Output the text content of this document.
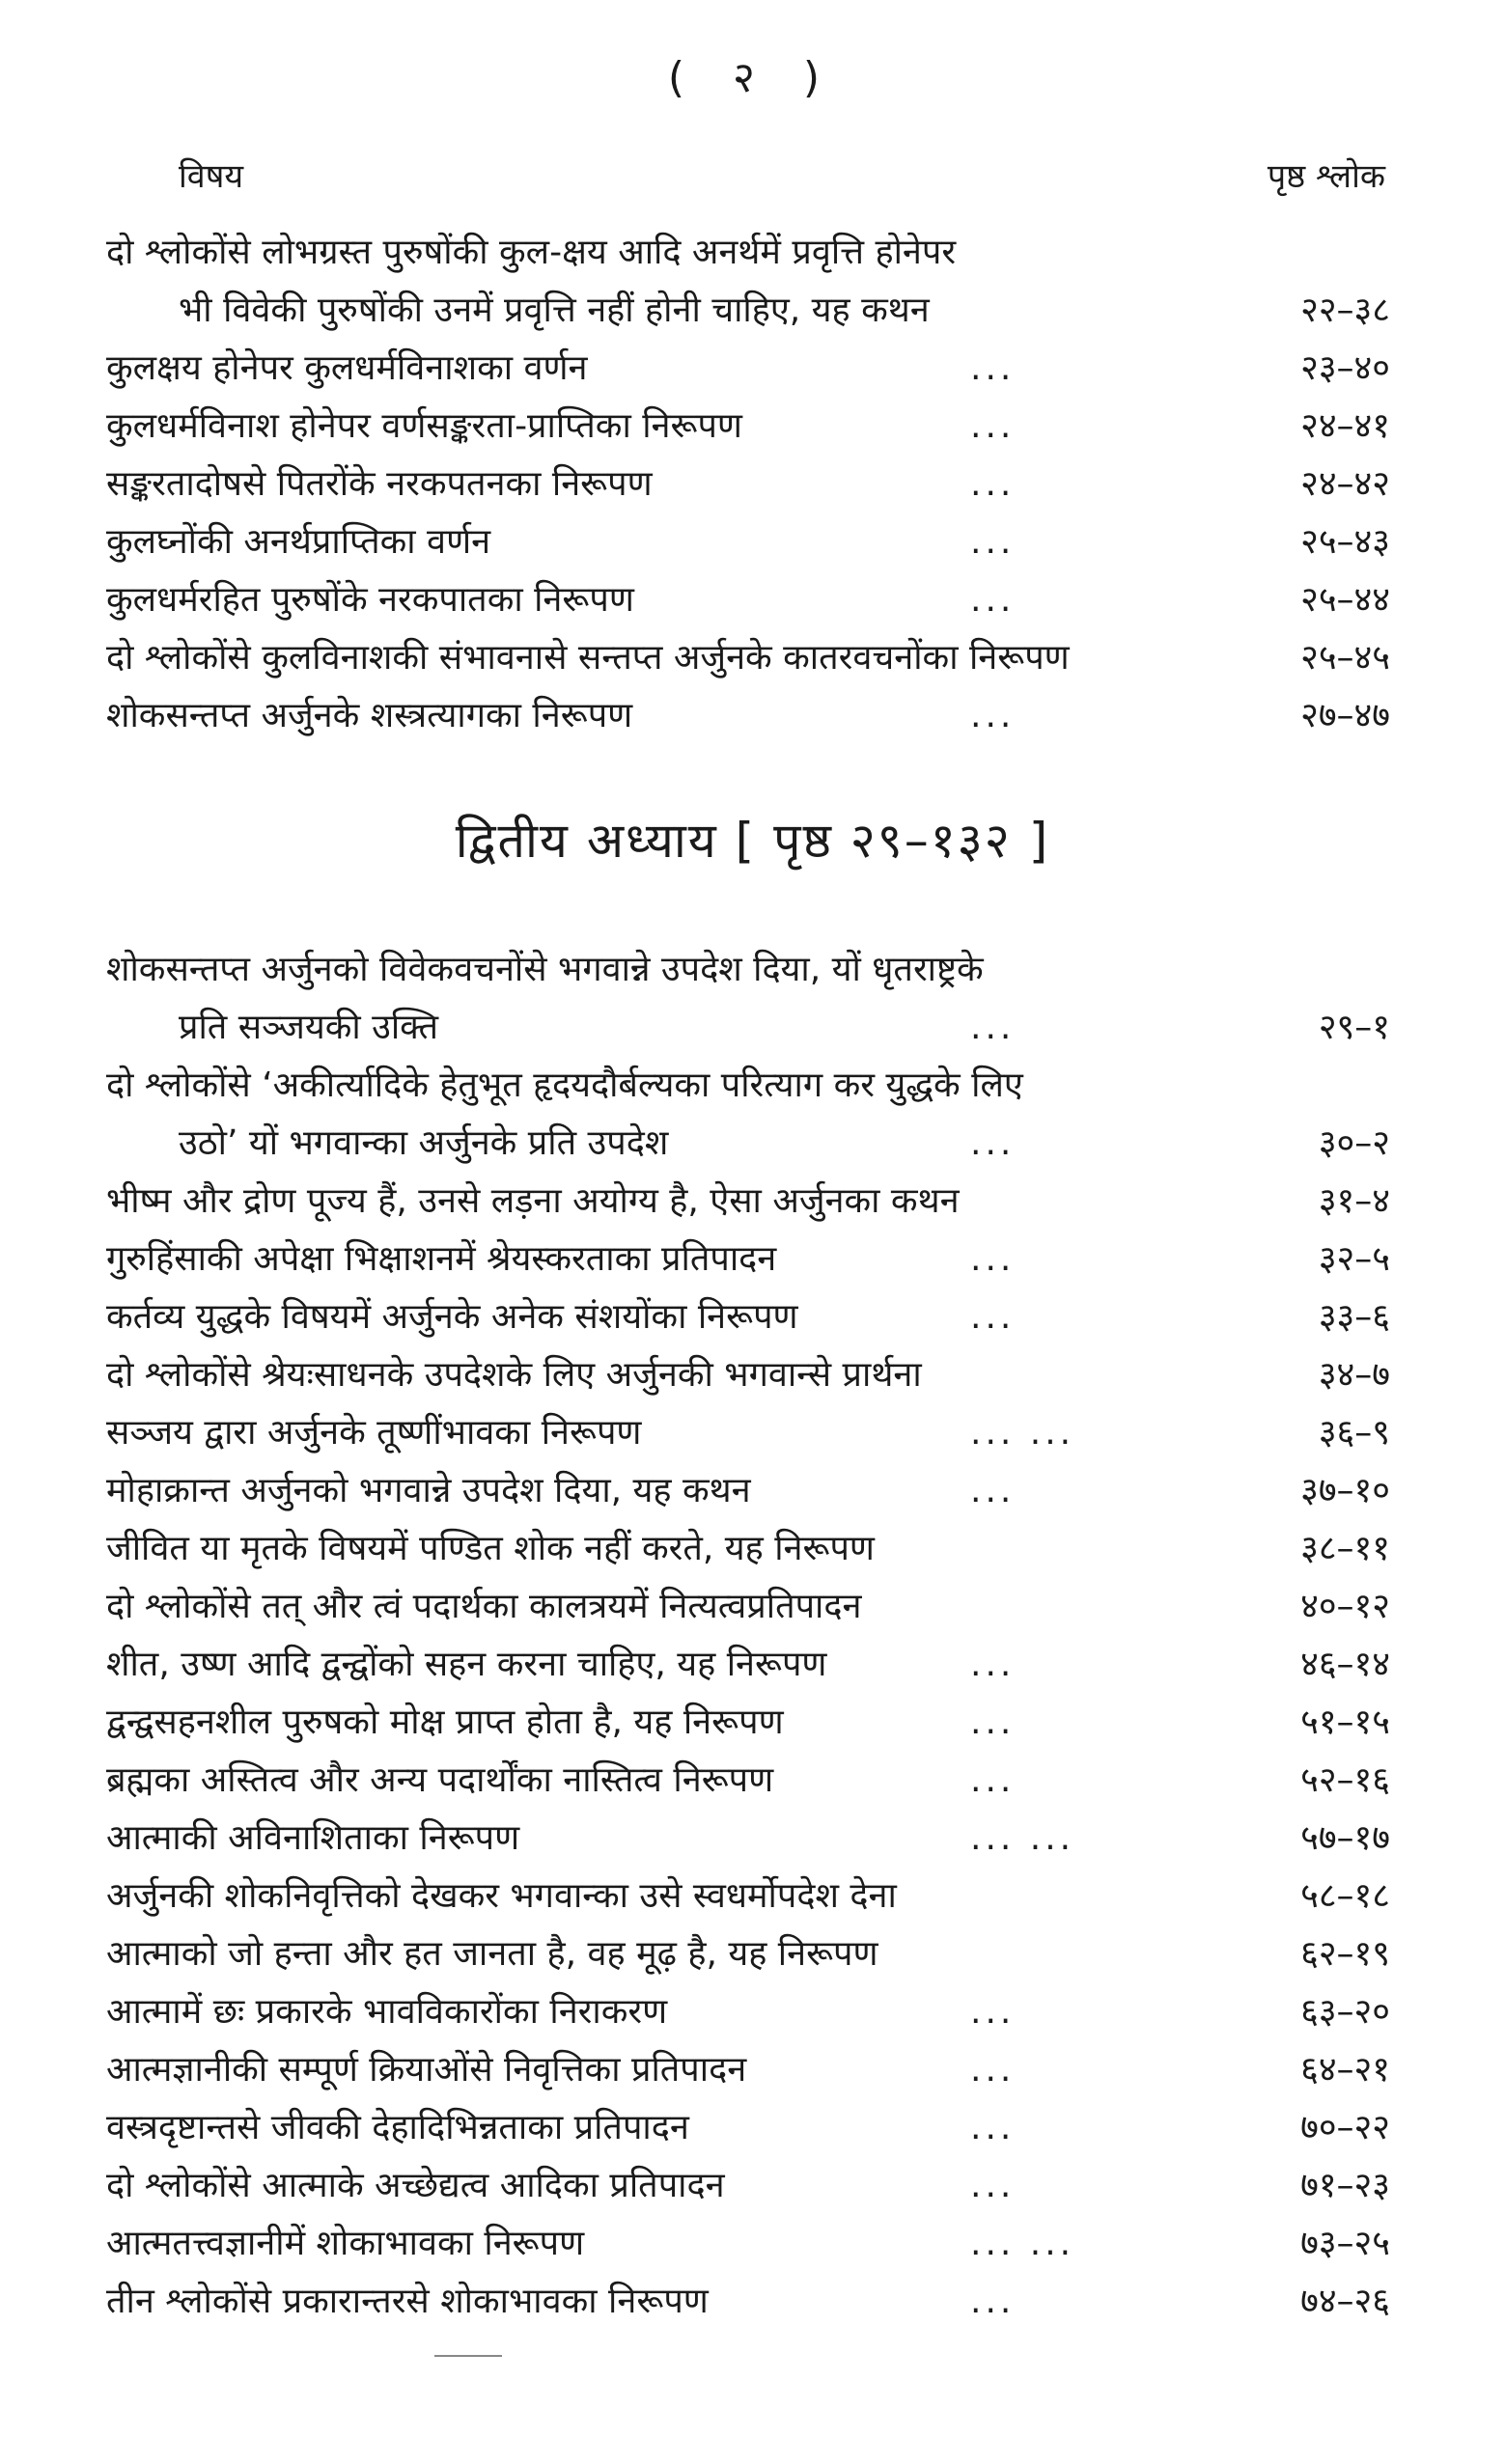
( २ )
विषय	पृष्ठ श्लोक
दो श्लोकोंसे लोभग्रस्त पुरुषोंकी कुल-क्षय आदि अनर्थमें प्रवृत्ति होनेपर
भी विवेकी पुरुषोंकी उनमें प्रवृत्ति नहीं होनी चाहिए, यह कथन	२२–३८
कुलक्षय होनेपर कुलधर्मविनाशका वर्णन	...	२३–४०
कुलधर्मविनाश होनेपर वर्णसङ्करता-प्राप्तिका निरूपण	...	२४–४१
सङ्करतादोषसे पितरोंके नरकपतनका निरूपण	...	२४–४२
कुलघ्नोंकी अनर्थप्राप्तिका वर्णन	...	२५–४३
कुलधर्मरहित पुरुषोंके नरकपातका निरूपण	...	२५–४४
दो श्लोकोंसे कुलविनाशकी संभावनासे सन्तप्त अर्जुनके कातरवचनोंका निरूपण	२५–४५
शोकसन्तप्त अर्जुनके शस्त्रत्यागका निरूपण	...	२७–४७
द्वितीय अध्याय [ पृष्ठ २९–१३२ ]
शोकसन्तप्त अर्जुनको विवेकवचनोंसे भगवान्ने उपदेश दिया, यों धृतराष्ट्रके
प्रति सञ्जयकी उक्ति	...	२९–१
दो श्लोकोंसे ‘अकीर्त्यादिके हेतुभूत हृदयदौर्बल्यका परित्याग कर युद्धके लिए
उठो’ यों भगवान्का अर्जुनके प्रति उपदेश	...	३०–२
भीष्म और द्रोण पूज्य हैं, उनसे लड़ना अयोग्य है, ऐसा अर्जुनका कथन	३१–४
गुरुहिंसाकी अपेक्षा भिक्षाशनमें श्रेयस्करताका प्रतिपादन	...	३२–५
कर्तव्य युद्धके विषयमें अर्जुनके अनेक संशयोंका निरूपण	...	३३–६
दो श्लोकोंसे श्रेयःसाधनके उपदेशके लिए अर्जुनकी भगवान्से प्रार्थना	३४–७
सञ्जय द्वारा अर्जुनके तूष्णींभावका निरूपण	... ...	३६–९
मोहाक्रान्त अर्जुनको भगवान्ने उपदेश दिया, यह कथन	...	३७–१०
जीवित या मृतके विषयमें पण्डित शोक नहीं करते, यह निरूपण	३८–११
दो श्लोकोंसे तत् और त्वं पदार्थका कालत्रयमें नित्यत्वप्रतिपादन	४०–१२
शीत, उष्ण आदि द्वन्द्वोंको सहन करना चाहिए, यह निरूपण	...	४६–१४
द्वन्द्वसहनशील पुरुषको मोक्ष प्राप्त होता है, यह निरूपण	...	५१–१५
ब्रह्मका अस्तित्व और अन्य पदार्थोंका नास्तित्व निरूपण	...	५२–१६
आत्माकी अविनाशिताका निरूपण	... ...	५७–१७
अर्जुनकी शोकनिवृत्तिको देखकर भगवान्का उसे स्वधर्मोपदेश देना	५८–१८
आत्माको जो हन्ता और हत जानता है, वह मूढ़ है, यह निरूपण	६२–१९
आत्मामें छः प्रकारके भावविकारोंका निराकरण	...	६३–२०
आत्मज्ञानीकी सम्पूर्ण क्रियाओंसे निवृत्तिका प्रतिपादन	...	६४–२१
वस्त्रदृष्टान्तसे जीवकी देहादिभिन्नताका प्रतिपादन	...	७०–२२
दो श्लोकोंसे आत्माके अच्छेद्यत्व आदिका प्रतिपादन	...	७१–२३
आत्मतत्त्वज्ञानीमें शोकाभावका निरूपण	... ...	७३–२५
तीन श्लोकोंसे प्रकारान्तरसे शोकाभावका निरूपण	...	७४–२६
